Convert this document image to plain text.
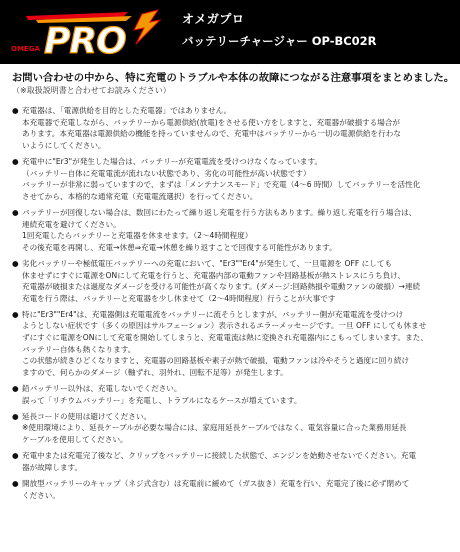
OMEGA PRO
オメガプロ
バッテリーチャージャー OP-BC02R
お問い合わせの中から、特に充電のトラブルや本体の故障につながる注意事項をまとめました。
（※取扱説明書と合わせてお読みください）
● 充電器は、「電源供給を目的とした充電器」ではありません。
本充電器で充電しながら、バッテリーから電源供給(放電)をさせる使い方をしますと、充電器が破損する場合が
あります。本充電器は電源供給の機能を持っていませんので、充電中はバッテリーから一切の電源供給を行わな
いようにしてください。
● 充電中に"Er3"が発生した場合は、バッテリーが充電電流を受けつけなくなっています。
（バッテリー自体に充電電流が流れない状態であり、劣化の可能性が高い状態です）
バッテリーが非常に弱っていますので、まずは「メンテナンスモード」で充電（4〜6 時間）してバッテリーを活性化
させてから、本格的な通常充電（充電電流選択）を行ってください。
● バッテリーが回復しない場合は、数回にわたって繰り返し充電を行う方法もあります。繰り返し充電を行う場合は、
連続充電を避けてください。
1回充電したらバッテリーと充電器を休ませます。（2〜4時間程度）
その後充電を再開し、充電→休憩⇒充電→休憩を繰り返すことで回復する可能性があります。
● 劣化バッテリーや極低電圧バッテリーへの充電において、"Er3""Er4"が発生して、一旦電源を OFF にしても
休ませずにすぐに電源をONにして充電を行うと、充電器内部の電動ファンや回路基板が熱ストレスにうち負け、
充電器が破損または過度なダメージを受ける可能性が高くなります。(ダメージ:回路熱損や電動ファンの破損）→連続
充電を行う際は、バッテリーと充電器を少し休ませて（2〜4時間程度）行うことが大事です
● 特に"Er3""Er4"は、充電器側は充電電流をバッテリーに流そうとしますが、バッテリー側が充電電流を受けつけ
ようとしない症状です（多くの原因はサルフェーション）表示されるエラーメッセージです。一旦 OFF にしても休ませ
ずにすぐに電源をONにして充電を開始してしまうと、充電電流は熱に変換され充電器内にこもってしまいます。また、
バッテリー自体も熱くなります。
この状態が続きひどくなりますと、充電器の回路基板や素子が熱で破損、電動ファンは冷やそうと過度に回り続け
ますので、何らかのダメージ（軸ずれ、羽外れ、回転不足等）が発生します。
● 鉛バッテリー以外は、充電しないでください。
誤って「リチウムバッテリー」を充電し、トラブルになるケースが増えています。
● 延長コードの使用は避けてください。
※使用環境により、延長ケーブルが必要な場合には、家庭用延長ケーブルではなく、電気容量に合った業務用延長
ケーブルを使用してください。
● 充電中または充電完了後など、クリップをバッテリーに接続した状態で、エンジンを始動させないでください。充電
器が故障します。
● 開放型バッテリーのキャップ（ネジ式含む）は充電前に緩めて（ガス抜き）充電を行い、充電完了後に必ず閉めて
ください。
